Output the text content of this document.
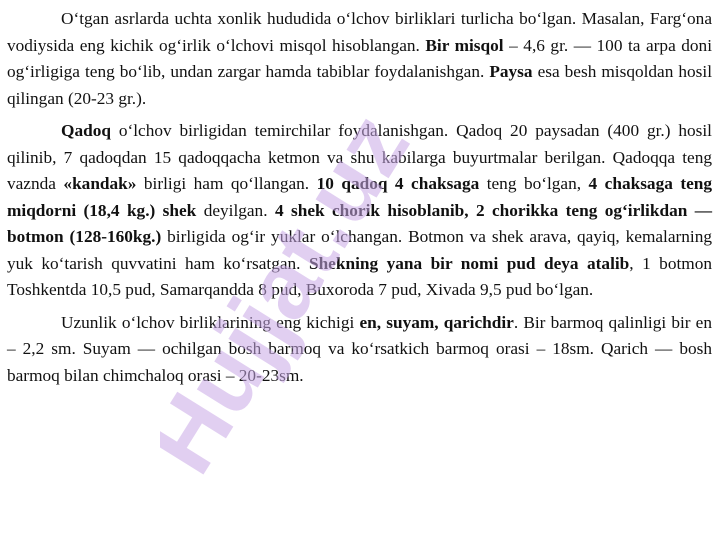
O‘tgan asrlarda uchta xonlik hududida o‘lchov birliklari turlicha bo‘lgan. Masalan, Farg‘ona vodiysida eng kichik og‘irlik o‘lchovi misqol hisoblangan. Bir misqol – 4,6 gr. — 100 ta arpa doni og‘irligiga teng bo‘lib, undan zargar hamda tabiblar foydalanishgan. Paysa esa besh misqoldan hosil qilingan (20-23 gr.).

Qadoq o‘lchov birligidan temirchilar foydalanishgan. Qadoq 20 paysadan (400 gr.) hosil qilinib, 7 qadoqdan 15 qadoqqacha ketmon va shu kabilarga buyurtmalar berilgan. Qadoqqa teng vaznda «kandak» birligi ham qo‘llangan. 10 qadoq 4 chaksaga teng bo‘lgan, 4 chaksaga teng miqdorni (18,4 kg.) shek deyilgan. 4 shek chorik hisoblanib, 2 chorikka teng og‘irlikdan — botmon (128-160kg.) birligida og‘ir yuklar o‘lchangan. Botmon va shek arava, qayiq, kemalarning yuk ko‘tarish quvvatini ham ko‘rsatgan. Shekning yana bir nomi pud deya atalib, 1 botmon Toshkentda 10,5 pud, Samarqandda 8 pud, Buxoroda 7 pud, Xivada 9,5 pud bo‘lgan.

Uzunlik o‘lchov birliklarining eng kichigi en, suyam, qarichdir. Bir barmoq qalinligi bir en – 2,2 sm. Suyam — ochilgan bosh barmoq va ko‘rsatkich barmoq orasi – 18sm. Qarich — bosh barmoq bilan chimchaloq orasi – 20-23sm.

Hujjat.uz
